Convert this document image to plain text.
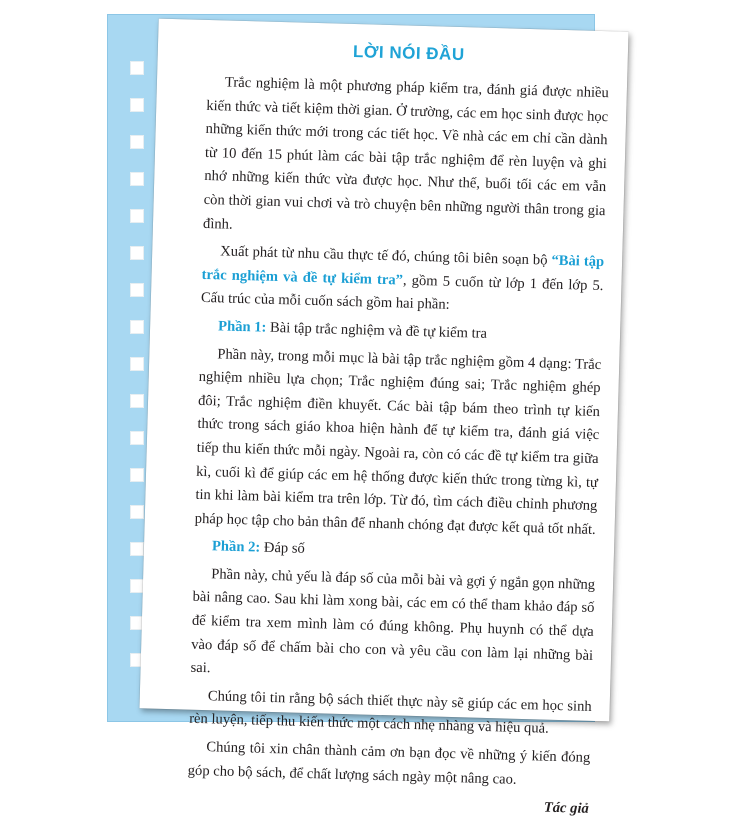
LỜI NÓI ĐẦU

Trắc nghiệm là một phương pháp kiểm tra, đánh giá được nhiều kiến thức và tiết kiệm thời gian. Ở trường, các em học sinh được học những kiến thức mới trong các tiết học. Về nhà các em chỉ cần dành từ 10 đến 15 phút làm các bài tập trắc nghiệm để rèn luyện và ghi nhớ những kiến thức vừa được học. Như thế, buổi tối các em vẫn còn thời gian vui chơi và trò chuyện bên những người thân trong gia đình.

Xuất phát từ nhu cầu thực tế đó, chúng tôi biên soạn bộ “Bài tập trắc nghiệm và đề tự kiểm tra”, gồm 5 cuốn từ lớp 1 đến lớp 5. Cấu trúc của mỗi cuốn sách gồm hai phần:

Phần 1: Bài tập trắc nghiệm và đề tự kiểm tra

Phần này, trong mỗi mục là bài tập trắc nghiệm gồm 4 dạng: Trắc nghiệm nhiều lựa chọn; Trắc nghiệm đúng sai; Trắc nghiệm ghép đôi; Trắc nghiệm điền khuyết. Các bài tập bám theo trình tự kiến thức trong sách giáo khoa hiện hành để tự kiểm tra, đánh giá việc tiếp thu kiến thức mỗi ngày. Ngoài ra, còn có các đề tự kiểm tra giữa kì, cuối kì để giúp các em hệ thống được kiến thức trong từng kì, tự tin khi làm bài kiểm tra trên lớp. Từ đó, tìm cách điều chỉnh phương pháp học tập cho bản thân để nhanh chóng đạt được kết quả tốt nhất.

Phần 2: Đáp số

Phần này, chủ yếu là đáp số của mỗi bài và gợi ý ngắn gọn những bài nâng cao. Sau khi làm xong bài, các em có thể tham khảo đáp số để kiểm tra xem mình làm có đúng không. Phụ huynh có thể dựa vào đáp số để chấm bài cho con và yêu cầu con làm lại những bài sai.

Chúng tôi tin rằng bộ sách thiết thực này sẽ giúp các em học sinh rèn luyện, tiếp thu kiến thức một cách nhẹ nhàng và hiệu quả.

Chúng tôi xin chân thành cảm ơn bạn đọc về những ý kiến đóng góp cho bộ sách, để chất lượng sách ngày một nâng cao.

Tác giả
